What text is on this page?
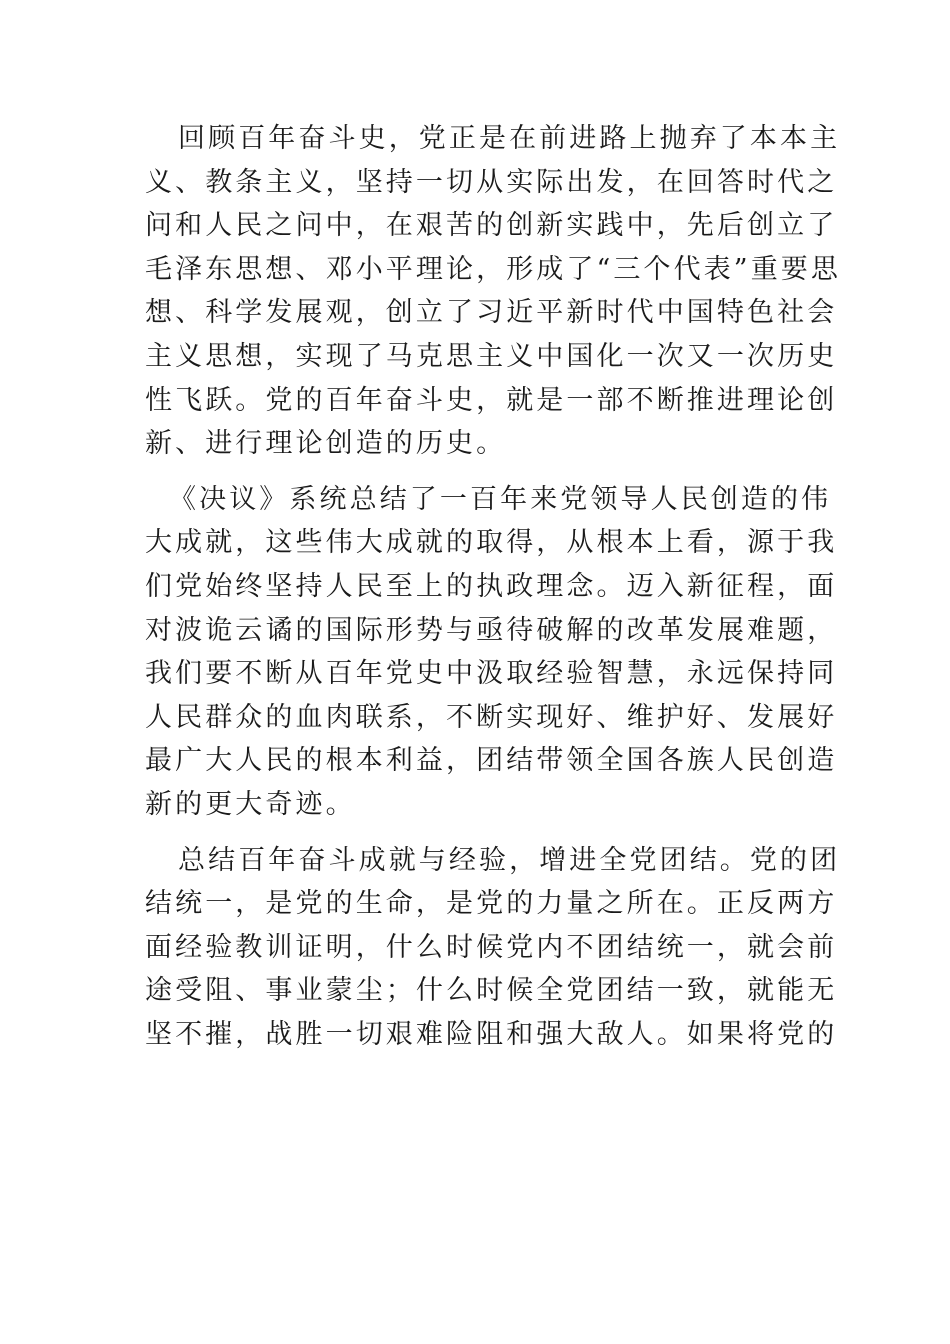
回顾百年奋斗史，党正是在前进路上抛弃了本本主
义、教条主义，坚持一切从实际出发，在回答时代之
问和人民之问中，在艰苦的创新实践中，先后创立了
毛泽东思想、邓小平理论，形成了“三个代表”重要思
想、科学发展观，创立了习近平新时代中国特色社会
主义思想，实现了马克思主义中国化一次又一次历史
性飞跃。党的百年奋斗史，就是一部不断推进理论创
新、进行理论创造的历史。
《决议》系统总结了一百年来党领导人民创造的伟
大成就，这些伟大成就的取得，从根本上看，源于我
们党始终坚持人民至上的执政理念。迈入新征程，面
对波诡云谲的国际形势与亟待破解的改革发展难题，
我们要不断从百年党史中汲取经验智慧，永远保持同
人民群众的血肉联系，不断实现好、维护好、发展好
最广大人民的根本利益，团结带领全国各族人民创造
新的更大奇迹。
总结百年奋斗成就与经验，增进全党团结。党的团
结统一，是党的生命，是党的力量之所在。正反两方
面经验教训证明，什么时候党内不团结统一，就会前
途受阻、事业蒙尘；什么时候全党团结一致，就能无
坚不摧，战胜一切艰难险阻和强大敌人。如果将党的
